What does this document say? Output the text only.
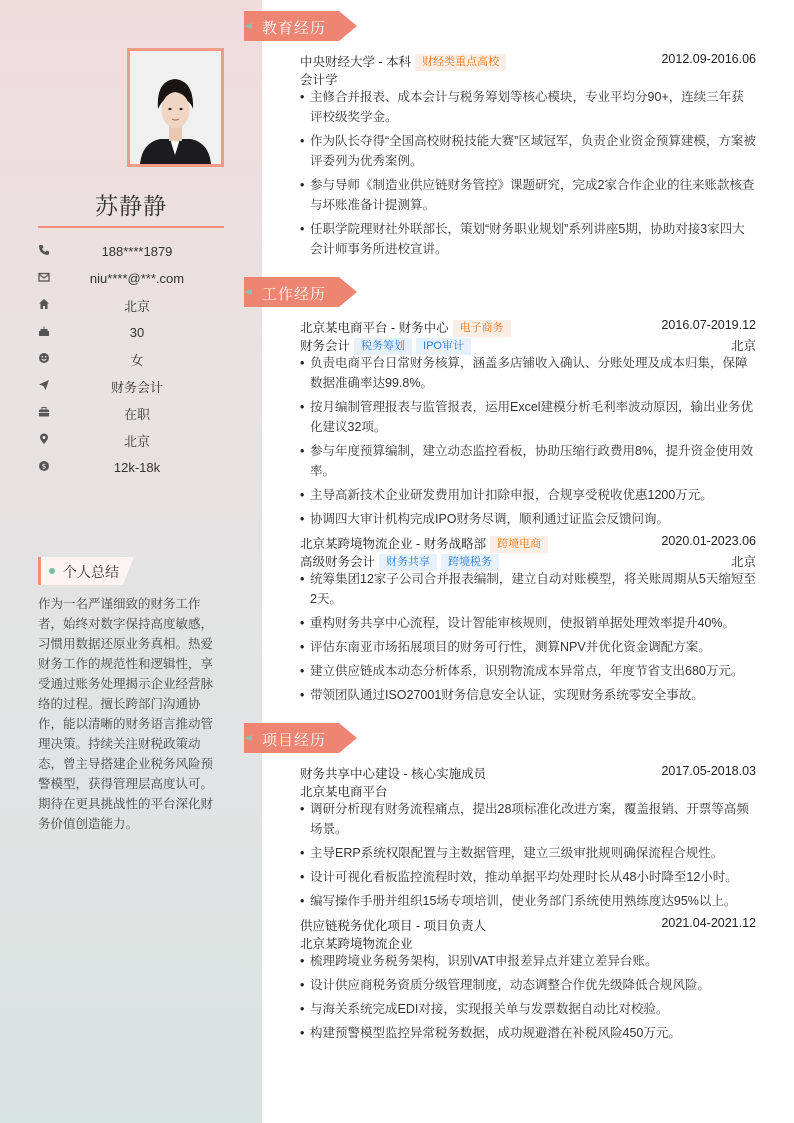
苏静静
188****1879
niu****@***.com
北京
30
女
财务会计
在职
北京
$	12k-18k
个人总结
作为一名严谨细致的财务工作者，始终对数字保持高度敏感，习惯用数据还原业务真相。热爱财务工作的规范性和逻辑性，享受通过账务处理揭示企业经营脉络的过程。擅长跨部门沟通协作，能以清晰的财务语言推动管理决策。持续关注财税政策动态，曾主导搭建企业税务风险预警模型，获得管理层高度认可。期待在更具挑战性的平台深化财务价值创造能力。
教育经历
中央财经大学 - 本科 财经类重点高校	2012.09-2016.06
会计学
• 主修合并报表、成本会计与税务筹划等核心模块，专业平均分90+，连续三年获评校级奖学金。
• 作为队长夺得“全国高校财税技能大赛”区域冠军，负责企业资金预算建模，方案被评委列为优秀案例。
• 参与导师《制造业供应链财务管控》课题研究，完成2家合作企业的往来账款核查与坏账准备计提测算。
• 任职学院理财社外联部长，策划“财务职业规划”系列讲座5期，协助对接3家四大会计师事务所进校宣讲。
工作经历
北京某电商平台 - 财务中心 电子商务	2016.07-2019.12
财务会计 税务筹划 IPO审计	北京
• 负责电商平台日常财务核算，涵盖多店铺收入确认、分账处理及成本归集，保障数据准确率达99.8%。
• 按月编制管理报表与监管报表，运用Excel建模分析毛利率波动原因，输出业务优化建议32项。
• 参与年度预算编制，建立动态监控看板，协助压缩行政费用8%，提升资金使用效率。
• 主导高新技术企业研发费用加计扣除申报，合规享受税收优惠1200万元。
• 协调四大审计机构完成IPO财务尽调，顺利通过证监会反馈问询。
北京某跨境物流企业 - 财务战略部 跨境电商	2020.01-2023.06
高级财务会计 财务共享 跨境税务	北京
• 统筹集团12家子公司合并报表编制，建立自动对账模型，将关账周期从5天缩短至2天。
• 重构财务共享中心流程，设计智能审核规则，使报销单据处理效率提升40%。
• 评估东南亚市场拓展项目的财务可行性，测算NPV并优化资金调配方案。
• 建立供应链成本动态分析体系，识别物流成本异常点，年度节省支出680万元。
• 带领团队通过ISO27001财务信息安全认证，实现财务系统零安全事故。
项目经历
财务共享中心建设 - 核心实施成员	2017.05-2018.03
北京某电商平台
• 调研分析现有财务流程痛点，提出28项标准化改进方案，覆盖报销、开票等高频场景。
• 主导ERP系统权限配置与主数据管理，建立三级审批规则确保流程合规性。
• 设计可视化看板监控流程时效，推动单据平均处理时长从48小时降至12小时。
• 编写操作手册并组织15场专项培训，使业务部门系统使用熟练度达95%以上。
供应链税务优化项目 - 项目负责人	2021.04-2021.12
北京某跨境物流企业
• 梳理跨境业务税务架构，识别VAT申报差异点并建立差异台账。
• 设计供应商税务资质分级管理制度，动态调整合作优先级降低合规风险。
• 与海关系统完成EDI对接，实现报关单与发票数据自动比对校验。
• 构建预警模型监控异常税务数据，成功规避潜在补税风险450万元。
